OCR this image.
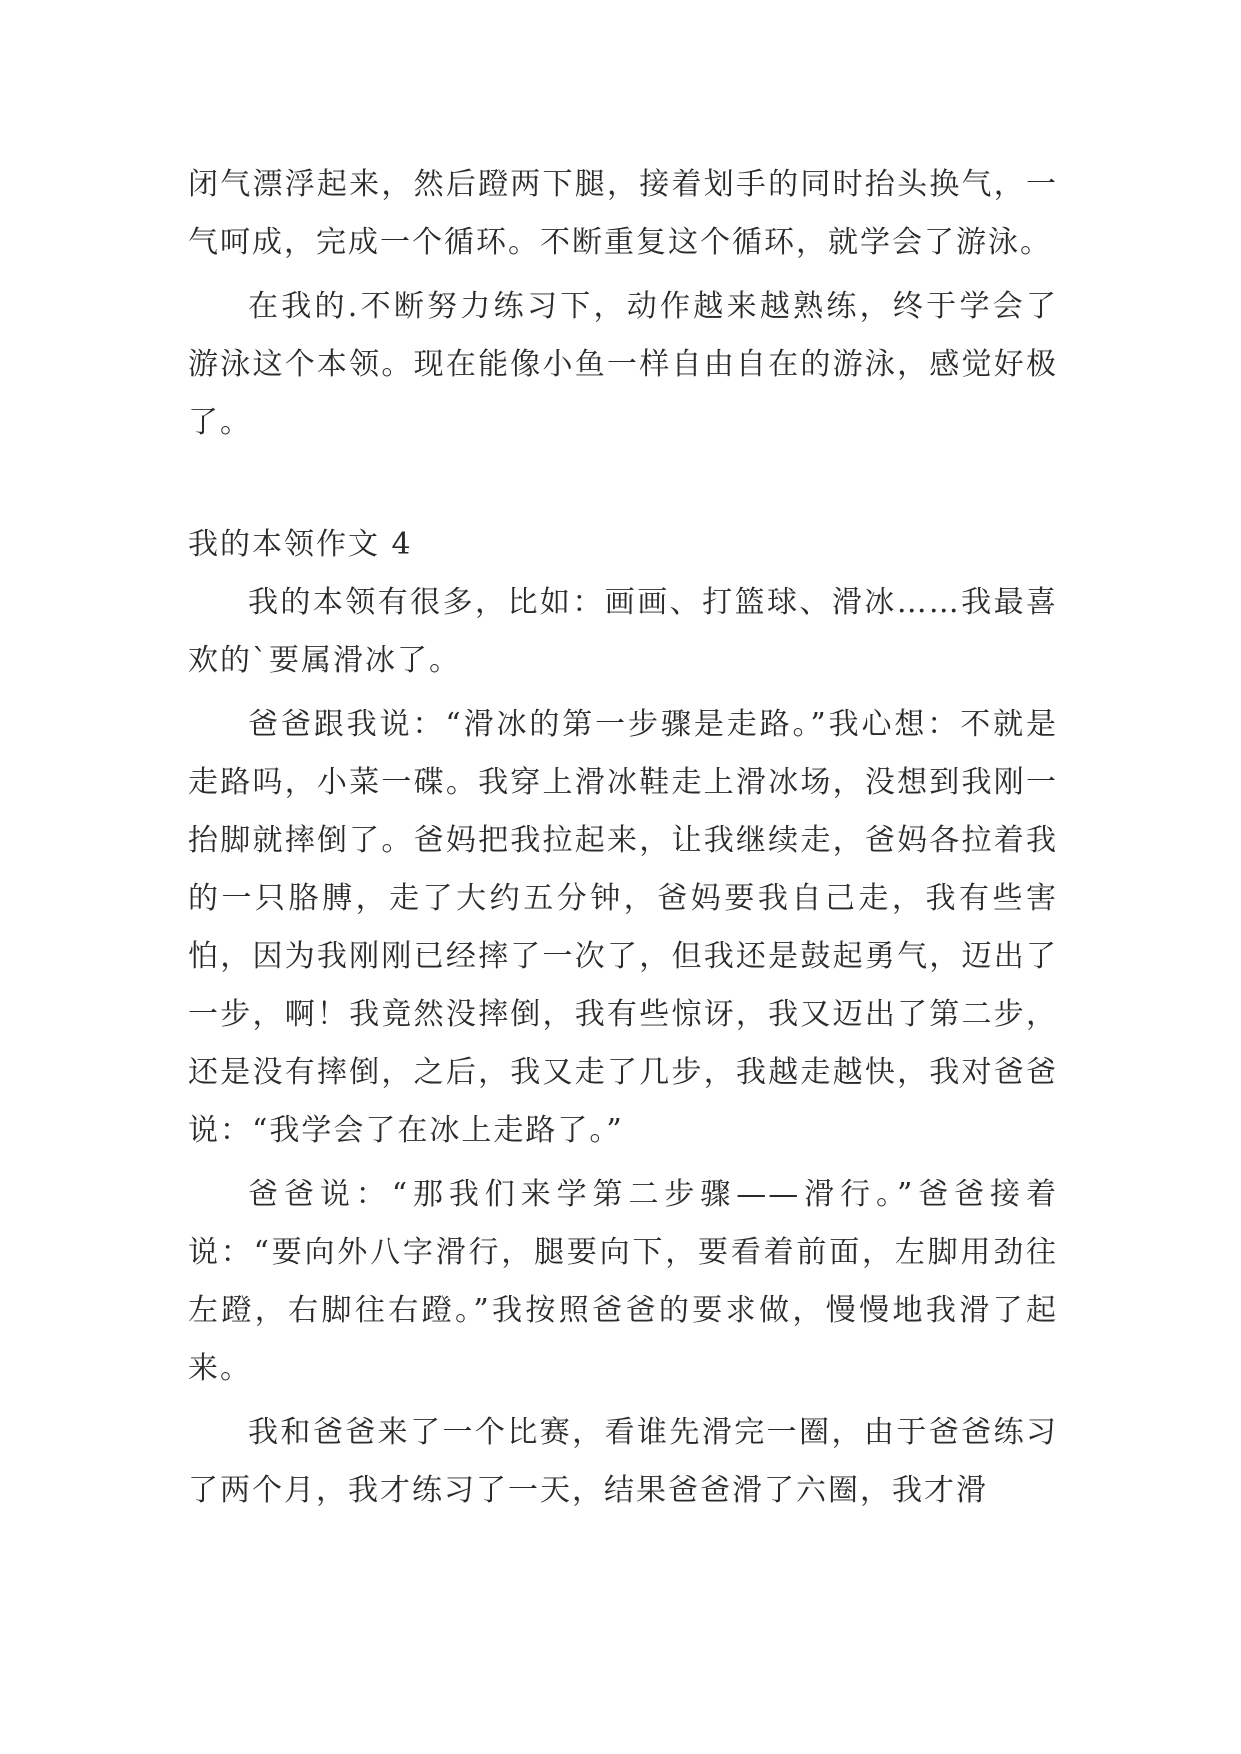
闭气漂浮起来，然后蹬两下腿，接着划手的同时抬头换气，一气呵成，完成一个循环。不断重复这个循环，就学会了游泳。

在我的.不断努力练习下，动作越来越熟练，终于学会了游泳这个本领。现在能像小鱼一样自由自在的游泳，感觉好极了。

我的本领作文 4

我的本领有很多，比如：画画、打篮球、滑冰……我最喜欢的`要属滑冰了。

爸爸跟我说：“滑冰的第一步骤是走路。”我心想：不就是走路吗，小菜一碟。我穿上滑冰鞋走上滑冰场，没想到我刚一抬脚就摔倒了。爸妈把我拉起来，让我继续走，爸妈各拉着我的一只胳膊，走了大约五分钟，爸妈要我自己走，我有些害怕，因为我刚刚已经摔了一次了，但我还是鼓起勇气，迈出了一步，啊！我竟然没摔倒，我有些惊讶，我又迈出了第二步，还是没有摔倒，之后，我又走了几步，我越走越快，我对爸爸说：“我学会了在冰上走路了。”

爸爸说：“那我们来学第二步骤——滑行。”爸爸接着说：“要向外八字滑行，腿要向下，要看着前面，左脚用劲往左蹬，右脚往右蹬。”我按照爸爸的要求做，慢慢地我滑了起来。

我和爸爸来了一个比赛，看谁先滑完一圈，由于爸爸练习了两个月，我才练习了一天，结果爸爸滑了六圈，我才滑
